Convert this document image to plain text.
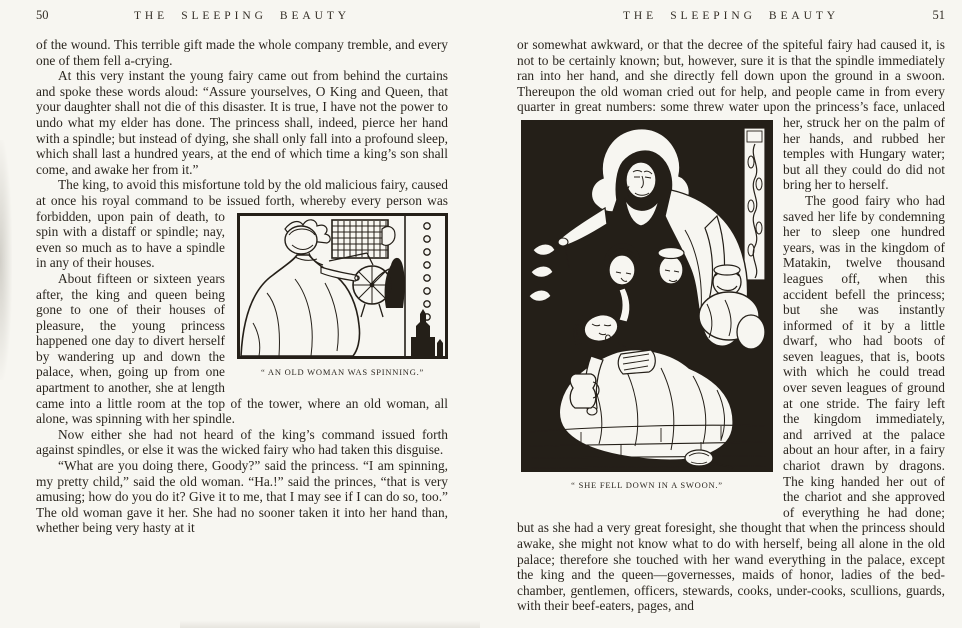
50	THE SLEEPING BEAUTY
of the wound. This terrible gift made the whole company tremble, and every one of them fell a-crying.
At this very instant the young fairy came out from behind the curtains and spoke these words aloud: “Assure yourselves, O King and Queen, that your daughter shall not die of this disaster. It is true, I have not the power to undo what my elder has done. The princess shall, indeed, pierce her hand with a spindle; but instead of dying, she shall only fall into a profound sleep, which shall last a hundred years, at the end of which time a king’s son shall come, and awake her from it.”
The king, to avoid this misfortune told by the old malicious fairy, caused at once his royal command to be issued forth, whereby every
“ AN OLD WOMAN WAS SPINNING.”
person was forbidden, upon pain of death, to spin with a distaff or spindle; nay, even so much as to have a spindle in any of their houses.
About fifteen or sixteen years after, the king and queen being gone to one of their houses of pleasure, the young princess happened one day to divert herself by wandering up and down the palace, when, going up from one apartment to another, she at length came into a little room at the top of the tower, where an old woman, all alone, was spinning with her spindle.
Now either she had not heard of the king’s command issued forth against spindles, or else it was the wicked fairy who had taken this disguise.
“What are you doing there, Goody?” said the princess. “I am spinning, my pretty child,” said the old woman. “Ha.!” said the princes, “that is very amusing; how do you do it? Give it to me, that I may see if I can do so, too.” The old woman gave it her. She had no sooner taken it into her hand than, whether being very hasty at it
THE SLEEPING BEAUTY	51
or somewhat awkward, or that the decree of the spiteful fairy had caused it, is not to be certainly known; but, however, sure it is that the spindle immediately ran into her hand, and she directly fell down upon the ground in a swoon. Thereupon the old woman cried out for help, and people came in from every quarter in great numbers: some threw water upon the princess’s face, unlaced her, struck her on the
“ SHE FELL DOWN IN A SWOON.”
palm of her hands, and rubbed her temples with Hungary water; but all they could do did not bring her to herself.
The good fairy who had saved her life by condemning her to sleep one hundred years, was in the kingdom of Matakin, twelve thousand leagues off, when this accident befell the princess; but she was instantly informed of it by a little dwarf, who had boots of seven leagues, that is, boots with which he could tread over seven leagues of ground at one stride. The fairy left the kingdom immediately, and arrived at the palace about an hour after, in a fairy chariot drawn by dragons. The king handed her out of the chariot and she approved of everything he had done; but as she had a very great foresight, she thought that when the princess should awake, she might not know what to do with herself, being all alone in the old palace; therefore she touched with her wand everything in the palace, except the king and the queen—governesses, maids of honor, ladies of the bed-chamber, gentlemen, officers, stewards, cooks, under-cooks, scullions, guards, with their beef-eaters, pages, and
